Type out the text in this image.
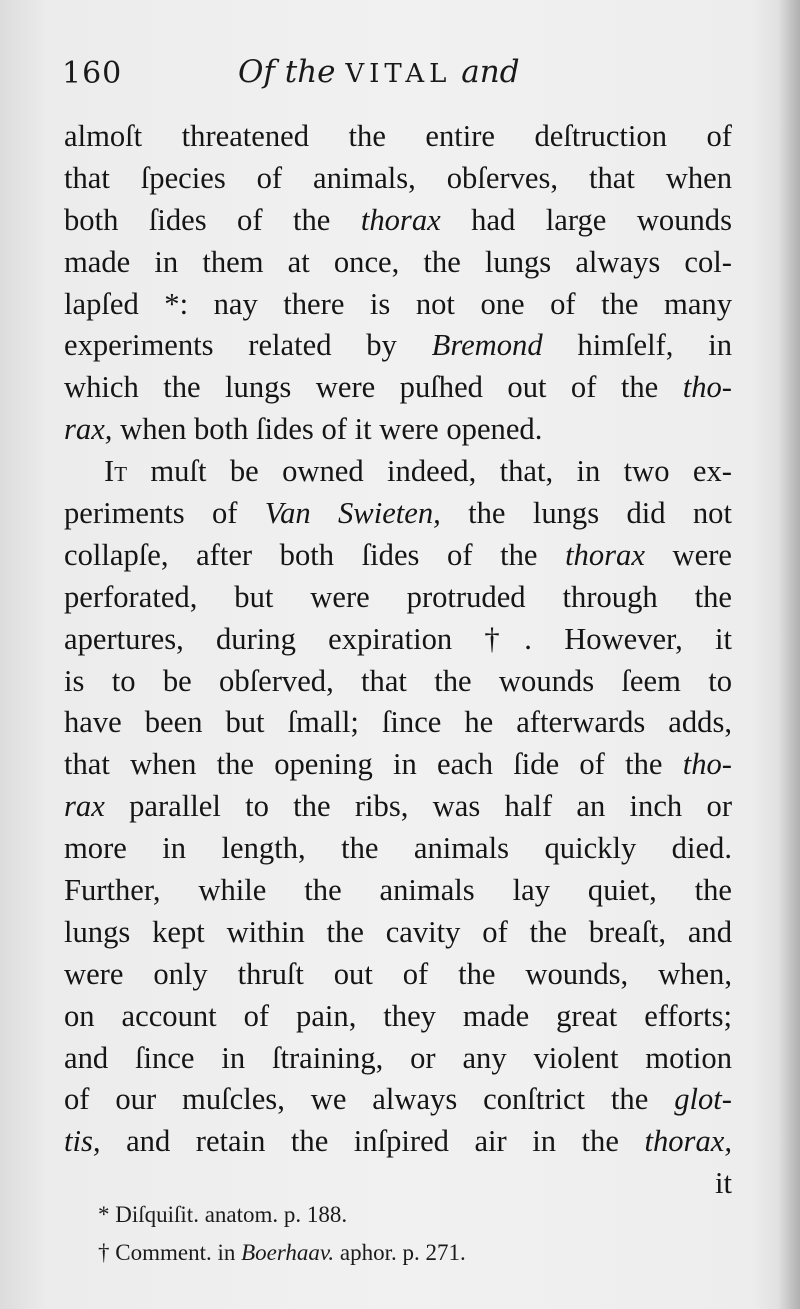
160	Of the VITAL and
almoſt threatened the entire deſtruction of
that ſpecies of animals, obſerves, that when
both ſides of the thorax had large wounds
made in them at once, the lungs always col-
lapſed *: nay there is not one of the many
experiments related by Bremond himſelf, in
which the lungs were puſhed out of the tho-
rax, when both ſides of it were opened.
It muſt be owned indeed, that, in two ex-
periments of Van Swieten, the lungs did not
collapſe, after both ſides of the thorax were
perforated, but were protruded through the
apertures, during expiration †. However, it
is to be obſerved, that the wounds ſeem to
have been but ſmall; ſince he afterwards adds,
that when the opening in each ſide of the tho-
rax parallel to the ribs, was half an inch or
more in length, the animals quickly died.
Further, while the animals lay quiet, the
lungs kept within the cavity of the breaſt, and
were only thruſt out of the wounds, when,
on account of pain, they made great efforts;
and ſince in ſtraining, or any violent motion
of our muſcles, we always conſtrict the glot-
tis, and retain the inſpired air in the thorax,
it
* Diſquiſit. anatom. p. 188.
† Comment. in Boerhaav. aphor. p. 271.
